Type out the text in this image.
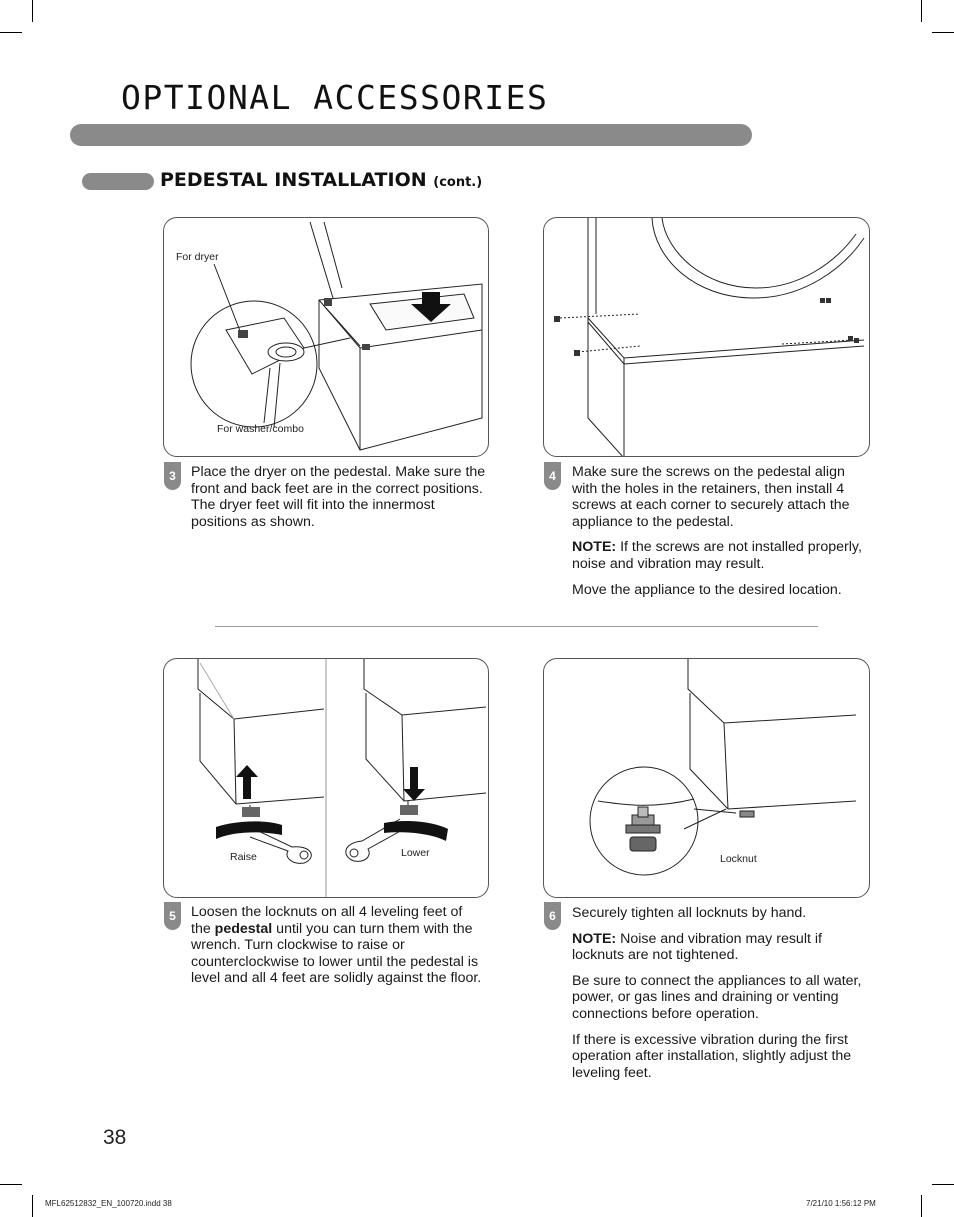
OPTIONAL ACCESSORIES
PEDESTAL INSTALLATION (cont.)
For dryer
For washer/combo
3	Place the dryer on the pedestal. Make sure the front and back feet are in the correct positions. The dryer feet will fit into the innermost positions as shown.

4	Make sure the screws on the pedestal align with the holes in the retainers, then install 4 screws at each corner to securely attach the appliance to the pedestal.

NOTE: If the screws are not installed properly, noise and vibration may result.

Move the appliance to the desired location.

Raise	Lower
5	Loosen the locknuts on all 4 leveling feet of the pedestal until you can turn them with the wrench. Turn clockwise to raise or counterclockwise to lower until the pedestal is level and all 4 feet are solidly against the floor.

Locknut
6	Securely tighten all locknuts by hand.

NOTE: Noise and vibration may result if locknuts are not tightened.

Be sure to connect the appliances to all water, power, or gas lines and draining or venting connections before operation.

If there is excessive vibration during the first operation after installation, slightly adjust the leveling feet.

38
MFL62512832_EN_100720.indd 38	7/21/10 1:56:12 PM
